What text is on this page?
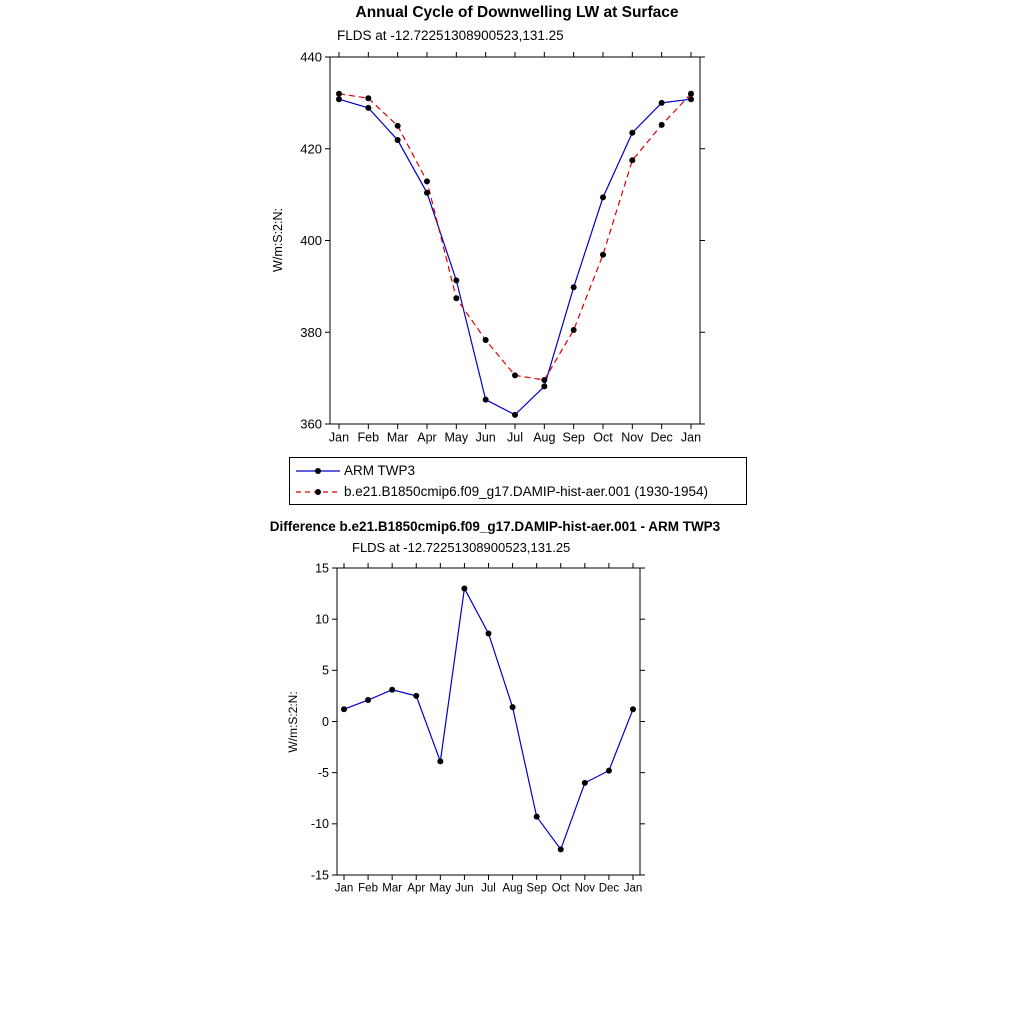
Annual Cycle of Downwelling LW at Surface
FLDS at -12.72251308900523,131.25
W/m:S:2:N:
360
380
400
420
440
Jan Feb Mar Apr May Jun Jul Aug Sep Oct Nov Dec Jan
ARM TWP3
b.e21.B1850cmip6.f09_g17.DAMIP-hist-aer.001 (1930-1954)
Difference b.e21.B1850cmip6.f09_g17.DAMIP-hist-aer.001 - ARM TWP3
FLDS at -12.72251308900523,131.25
W/m:S:2:N:
-15
-10
-5
0
5
10
15
Jan Feb Mar Apr May Jun Jul Aug Sep Oct Nov Dec Jan
